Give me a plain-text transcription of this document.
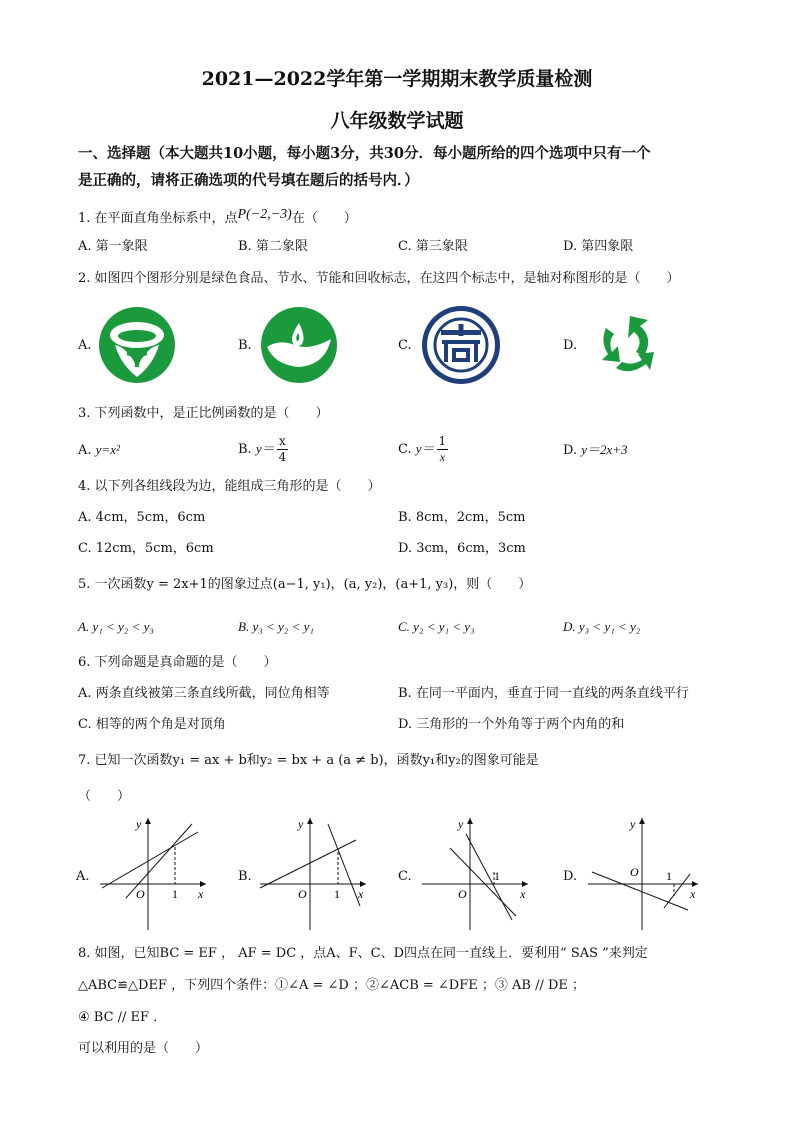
2021—2022学年第一学期期末教学质量检测
八年级数学试题
一、选择题（本大题共10小题，每小题3分，共30分．每小题所给的四个选项中只有一个
是正确的，请将正确选项的代号填在题后的括号内．）
1. 在平面直角坐标系中，点P(−2,−3)在（　　）
A. 第一象限	B. 第二象限	C. 第三象限	D. 第四象限
2. 如图四个图形分别是绿色食品、节水、节能和回收标志，在这四个标志中，是轴对称图形的是（　　）
A.	B.	C.	D.
3. 下列函数中，是正比例函数的是（　　）
A. y=x²	B. $y= \frac{x}{4}$	C. $y= \frac{1}{x}$	D. y＝2x+3
4. 以下列各组线段为边，能组成三角形的是（　　）
A. 4cm，5cm，6cm	B. 8cm，2cm，5cm
C. 12cm，5cm，6cm	D. 3cm，6cm，3cm
5. 一次函数y = 2x+1的图象过点(a−1, y₁)，(a, y₂)，(a+1, y₃)，则（　　）
A. y₁ < y₂ < y₃	B. y₃ < y₂ < y₁	C. y₂ < y₁ < y₃	D. y₃ < y₁ < y₂
6. 下列命题是真命题的是（　　）
A. 两条直线被第三条直线所截，同位角相等	B. 在同一平面内，垂直于同一直线的两条直线平行
C. 相等的两个角是对顶角	D. 三角形的一个外角等于两个内角的和
7. 已知一次函数y₁ = ax + b和y₂ = bx + a (a ≠ b)，函数y₁和y₂的图象可能是
（　　）
A.	B.	C.	D.
O 1 x
y
O 1 x
y
O
1
x
y
O 1
x
y
8. 如图，已知BC = EF ， AF = DC ，点A、F、C、D四点在同一直线上．要利用“ SAS ”来判定
△ABC≌△DEF ，下列四个条件：①∠A = ∠D ；②∠ACB = ∠DFE ；③ AB // DE ；
④ BC // EF ．
可以利用的是（　　）
